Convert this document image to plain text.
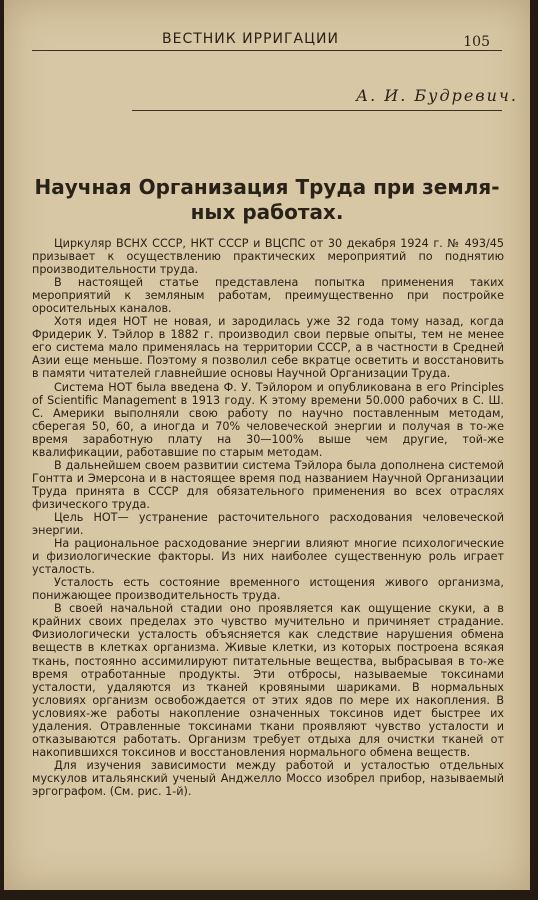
ВЕСТНИК ИРРИГАЦИИ	105
А. И. Будревич.
Научная Организация Труда при земля-
ных работах.

Циркуляр ВСНХ СССР, НКТ СССР и ВЦСПС от 30 декабря 1924 г. № 493/45 призывает к осуществлению практических мероприятий по поднятию производительности труда.

В настоящей статье представлена попытка применения таких мероприятий к земляным работам, преимущественно при постройке оросительных каналов.

Хотя идея НОТ не новая, и зародилась уже 32 года тому назад, когда Фридерик У. Тэйлор в 1882 г. производил свои первые опыты, тем не менее его система мало применялась на территории СССР, а в частности в Средней Азии еще меньше. Поэтому я позволил себе вкратце осветить и восстановить в памяти читателей главнейшие основы Научной Организации Труда.

Система НОТ была введена Ф. У. Тэйлором и опубликована в его Principles of Scientific Management в 1913 году. К этому времени 50.000 рабочих в С. Ш. С. Америки выполняли свою работу по научно поставленным методам, сберегая 50, 60, а иногда и 70% человеческой энергии и получая в то-же время заработную плату на 30—100% выше чем другие, той-же квалификации, работавшие по старым методам.

В дальнейшем своем развитии система Тэйлора была дополнена системой Гонтта и Эмерсона и в настоящее время под названием Научной Организации Труда принята в СССР для обязательного применения во всех отраслях физического труда.

Цель НОТ— устранение расточительного расходования человеческой энергии.

На рациональное расходование энергии влияют многие психологические и физиологические факторы. Из них наиболее существенную роль играет усталость.

Усталость есть состояние временного истощения живого организма, понижающее производительность труда.

В своей начальной стадии оно проявляется как ощущение скуки, а в крайних своих пределах это чувство мучительно и причиняет страдание. Физиологически усталость объясняется как следствие нарушения обмена веществ в клетках организма. Живые клетки, из которых построена всякая ткань, постоянно ассимилируют питательные вещества, выбрасывая в то-же время отработанные продукты. Эти отбросы, называемые токсинами усталости, удаляются из тканей кровяными шариками. В нормальных условиях организм освобождается от этих ядов по мере их накопления. В условиях-же работы накопление означенных токсинов идет быстрее их удаления. Отравленные токсинами ткани проявляют чувство усталости и отказываются работать. Организм требует отдыха для очистки тканей от накопившихся токсинов и восстановления нормального обмена веществ.

Для изучения зависимости между работой и усталостью отдельных мускулов итальянский ученый Анджелло Моссо изобрел прибор, называемый эргографом. (См. рис. 1-й).
